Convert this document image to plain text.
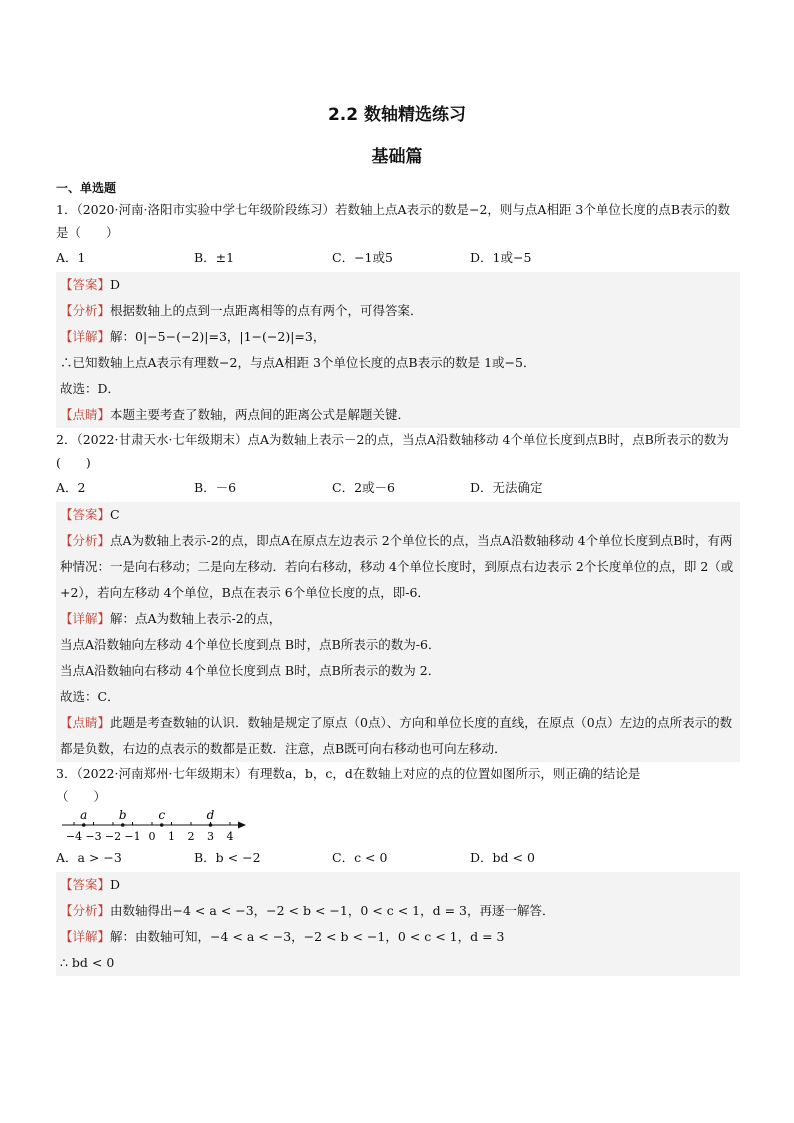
2.2 数轴精选练习
基础篇
一、单选题

1．（2020·河南·洛阳市实验中学七年级阶段练习）若数轴上点A表示的数是−2，则与点A相距 3个单位长度的点B表示的数是（　　）

A．1	B．±1	C．−1或5	D．1或−5

【答案】D

【分析】根据数轴上的点到一点距离相等的点有两个，可得答案．

【详解】解：0|−5−(−2)|=3，|1−(−2)|=3，

∴已知数轴上点A表示有理数−2，与点A相距 3个单位长度的点B表示的数是 1或−5．

故选：D．

【点睛】本题主要考查了数轴，两点间的距离公式是解题关键．

2．（2022·甘肃天水·七年级期末）点A为数轴上表示－2的点，当点A沿数轴移动 4个单位长度到点B时，点B所表示的数为(　　)

A．2	B．－6	C．2或－6	D．无法确定

【答案】C

【分析】点A为数轴上表示-2的点，即点A在原点左边表示 2个单位长的点，当点A沿数轴移动 4个单位长度到点B时，有两种情况：一是向右移动；二是向左移动．若向右移动，移动 4个单位长度时，到原点右边表示 2个长度单位的点，即 2（或+2），若向左移动 4个单位，B点在表示 6个单位长度的点，即-6．

【详解】解：点A为数轴上表示-2的点，

当点A沿数轴向左移动 4个单位长度到点 B时，点B所表示的数为-6．

当点A沿数轴向右移动 4个单位长度到点 B时，点B所表示的数为 2．

故选：C．

【点睛】此题是考查数轴的认识．数轴是规定了原点（0点）、方向和单位长度的直线，在原点（0点）左边的点所表示的数都是负数，右边的点表示的数都是正数．注意，点B既可向右移动也可向左移动．

3．（2022·河南郑州·七年级期末）有理数a，b，c，d在数轴上对应的点的位置如图所示，则正确的结论是

（　　）

−4 −3 −2 −1 0 1 2 3 4
a	b	c	d
A．a > −3	B．b < −2	C．c < 0	D．bd < 0

【答案】D

【分析】由数轴得出−4 < a < −3，−2 < b < −1，0 < c < 1，d = 3，再逐一解答．

【详解】解：由数轴可知，−4 < a < −3，−2 < b < −1，0 < c < 1，d = 3

∴ bd < 0
